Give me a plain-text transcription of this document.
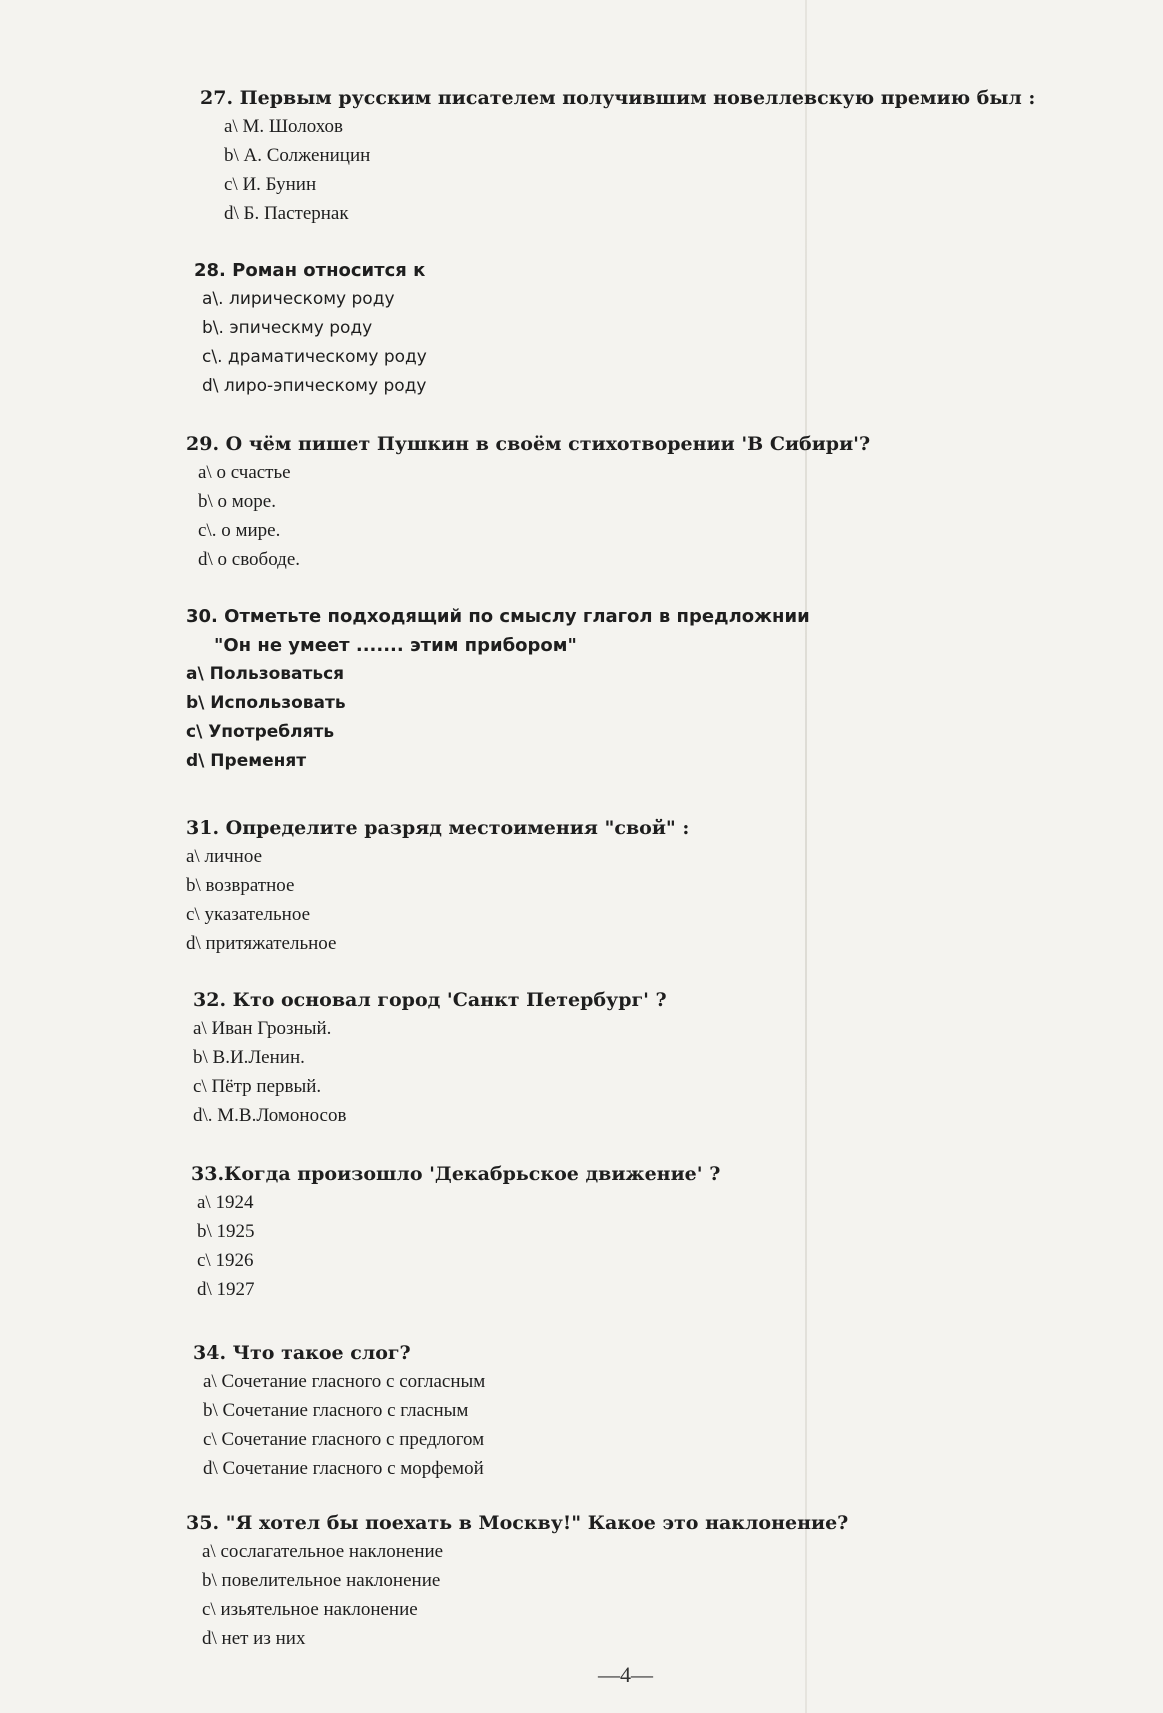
27. Первым русским писателем получившим новеллевскую премию был :
a\ М. Шолохов
b\ А. Солженицин
c\ И. Бунин
d\ Б. Пастернак
28. Роман относится к
a\. лирическому роду
b\. эпическму роду
c\. драматическому роду
d\ лиро-эпическому роду
29. О чём пишет Пушкин в своём стихотворении 'В Сибири'?
a\ о счастье
b\ о море.
c\. о мире.
d\ о свободе.
30. Отметьте подходящий по смыслу глагол в предложнии
"Он не умеет ....... этим прибором"
a\ Пользоваться
b\ Использовать
c\ Употреблять
d\ Пременят
31. Определите разряд местоимения "свой" :
a\ личное
b\ возвратное
c\ указательное
d\ притяжательное
32. Кто основал город 'Санкт Петербург' ?
a\ Иван Грозный.
b\ В.И.Ленин.
c\ Пётр первый.
d\. М.В.Ломоносов
33.Когда произошло 'Декабрьское движение' ?
a\ 1924
b\ 1925
c\ 1926
d\ 1927
34. Что такое слог?
a\ Сочетание гласного с согласным
b\ Сочетание гласного с гласным
c\ Сочетание гласного с предлогом
d\ Сочетание гласного с морфемой
35. "Я хотел бы поехать в Москву!" Какое это наклонение?
a\ сослагательное наклонение
b\ повелительное наклонение
c\ изьятельное наклонение
d\ нет из них
—4—
